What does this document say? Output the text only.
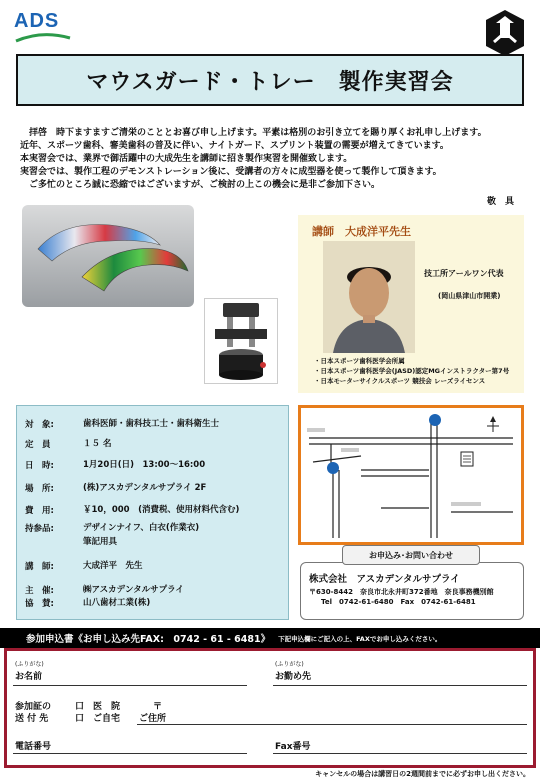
ADS
マウスガード・トレー　製作実習会

　拝啓　時下ますますご清栄のこととお喜び申し上げます。平素は格別のお引き立てを賜り厚くお礼申し上げます。

近年、スポーツ歯科、審美歯科の普及に伴い、ナイトガード、スプリント装置の需要が増えてきています。

本実習会では、業界で御活躍中の大成先生を講師に招き製作実習を開催致します。

実習会では、製作工程のデモンストレーション後に、受講者の方々に成型器を使って製作して頂きます。

　ご多忙のところ誠に恐縮ではございますが、ご検討の上この機会に是非ご参加下さい。

敬　具
講師　大成洋平先生
技工所アールワン代表
(岡山県津山市開業)
・日本スポーツ歯科医学会所属
・日本スポーツ歯科医学会(JASD)認定MGインストラクター第7号
・日本モーターサイクルスポーツ 競技会 レーズライセンス
対　象:	歯科医師・歯科技工士・歯科衛生士
定　員	１５ 名
日　時:	1月20日(日)　13:00～16:00
場　所:	(株)アスカデンタルサプライ 2F
費　用:	￥10，000　(消費税、使用材料代含む)
持参品:	デザインナイフ、白衣(作業衣)
筆記用具
講　師:	大成洋平　先生
主　催:	㈱アスカデンタルサプライ
協　賛:	山八歯材工業(株)
お申込み･お問い合わせ
株式会社　アスカデンタルサプライ
〒630-8442　奈良市北永井町372番地　奈良事務機別館
Tel　0742-61-6480　Fax　0742-61-6481
参加申込書《お申し込み先FAX:　0742 - 61 - 6481》 下記申込欄にご記入の上、FAXでお申し込みください。
(ふりがな)
お名前
(ふりがな)
お勤め先
参加証の
送 付 先
口　医　院
口　ご自宅
〒
ご住所
電話番号	Fax番号
キャンセルの場合は講習日の2週間前までに必ずお申し出ください。
